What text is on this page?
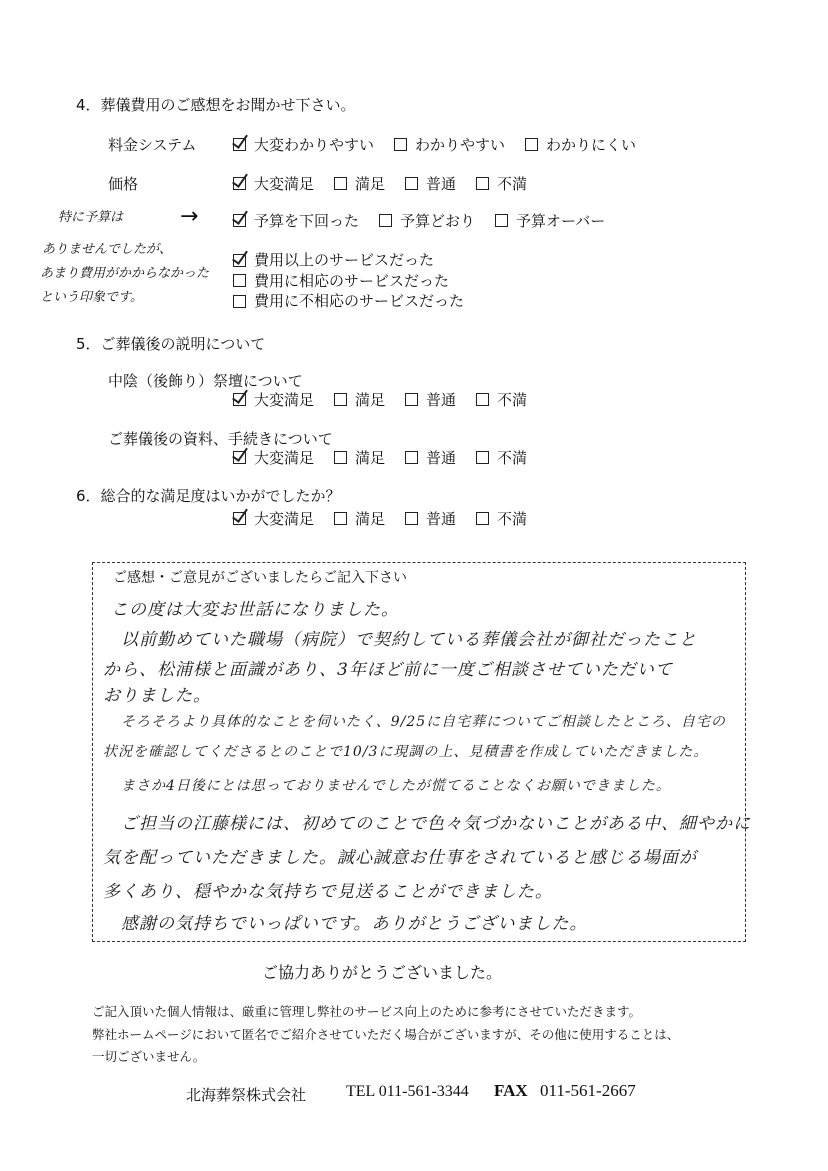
4．葬儀費用のご感想をお聞かせ下さい。
料金システム	大変わかりやすい	わかりやすい	わかりにくい
価格	大変満足	満足	普通	不満
→	予算を下回った	予算どおり	予算オーバー
費用以上のサービスだった
費用に相応のサービスだった
費用に不相応のサービスだった
特に予算は
ありませんでしたが、
あまり費用がかからなかった
という印象です。
5．ご葬儀後の説明について
中陰（後飾り）祭壇について
大変満足	満足	普通	不満
ご葬儀後の資料、手続きについて
大変満足	満足	普通	不満
6．総合的な満足度はいかがでしたか？
大変満足	満足	普通	不満
ご感想・ご意見がございましたらご記入下さい
この度は大変お世話になりました。
以前勤めていた職場（病院）で契約している葬儀会社が御社だったこと
から、松浦様と面識があり、3年ほど前に一度ご相談させていただいて
おりました。
そろそろより具体的なことを伺いたく、9/25に自宅葬についてご相談したところ、自宅の
状況を確認してくださるとのことで10/3に現調の上、見積書を作成していただきました。
まさか4日後にとは思っておりませんでしたが慌てることなくお願いできました。
ご担当の江藤様には、初めてのことで色々気づかないことがある中、細やかに
気を配っていただきました。誠心誠意お仕事をされていると感じる場面が
多くあり、穏やかな気持ちで見送ることができました。
感謝の気持ちでいっぱいです。ありがとうございました。
ご協力ありがとうございました。
ご記入頂いた個人情報は、厳重に管理し弊社のサービス向上のために参考にさせていただきます。
弊社ホームページにおいて匿名でご紹介させていただく場合がございますが、その他に使用することは、
一切ございません。
北海葬祭株式会社 TEL 011-561-3344 FAX 011-561-2667
